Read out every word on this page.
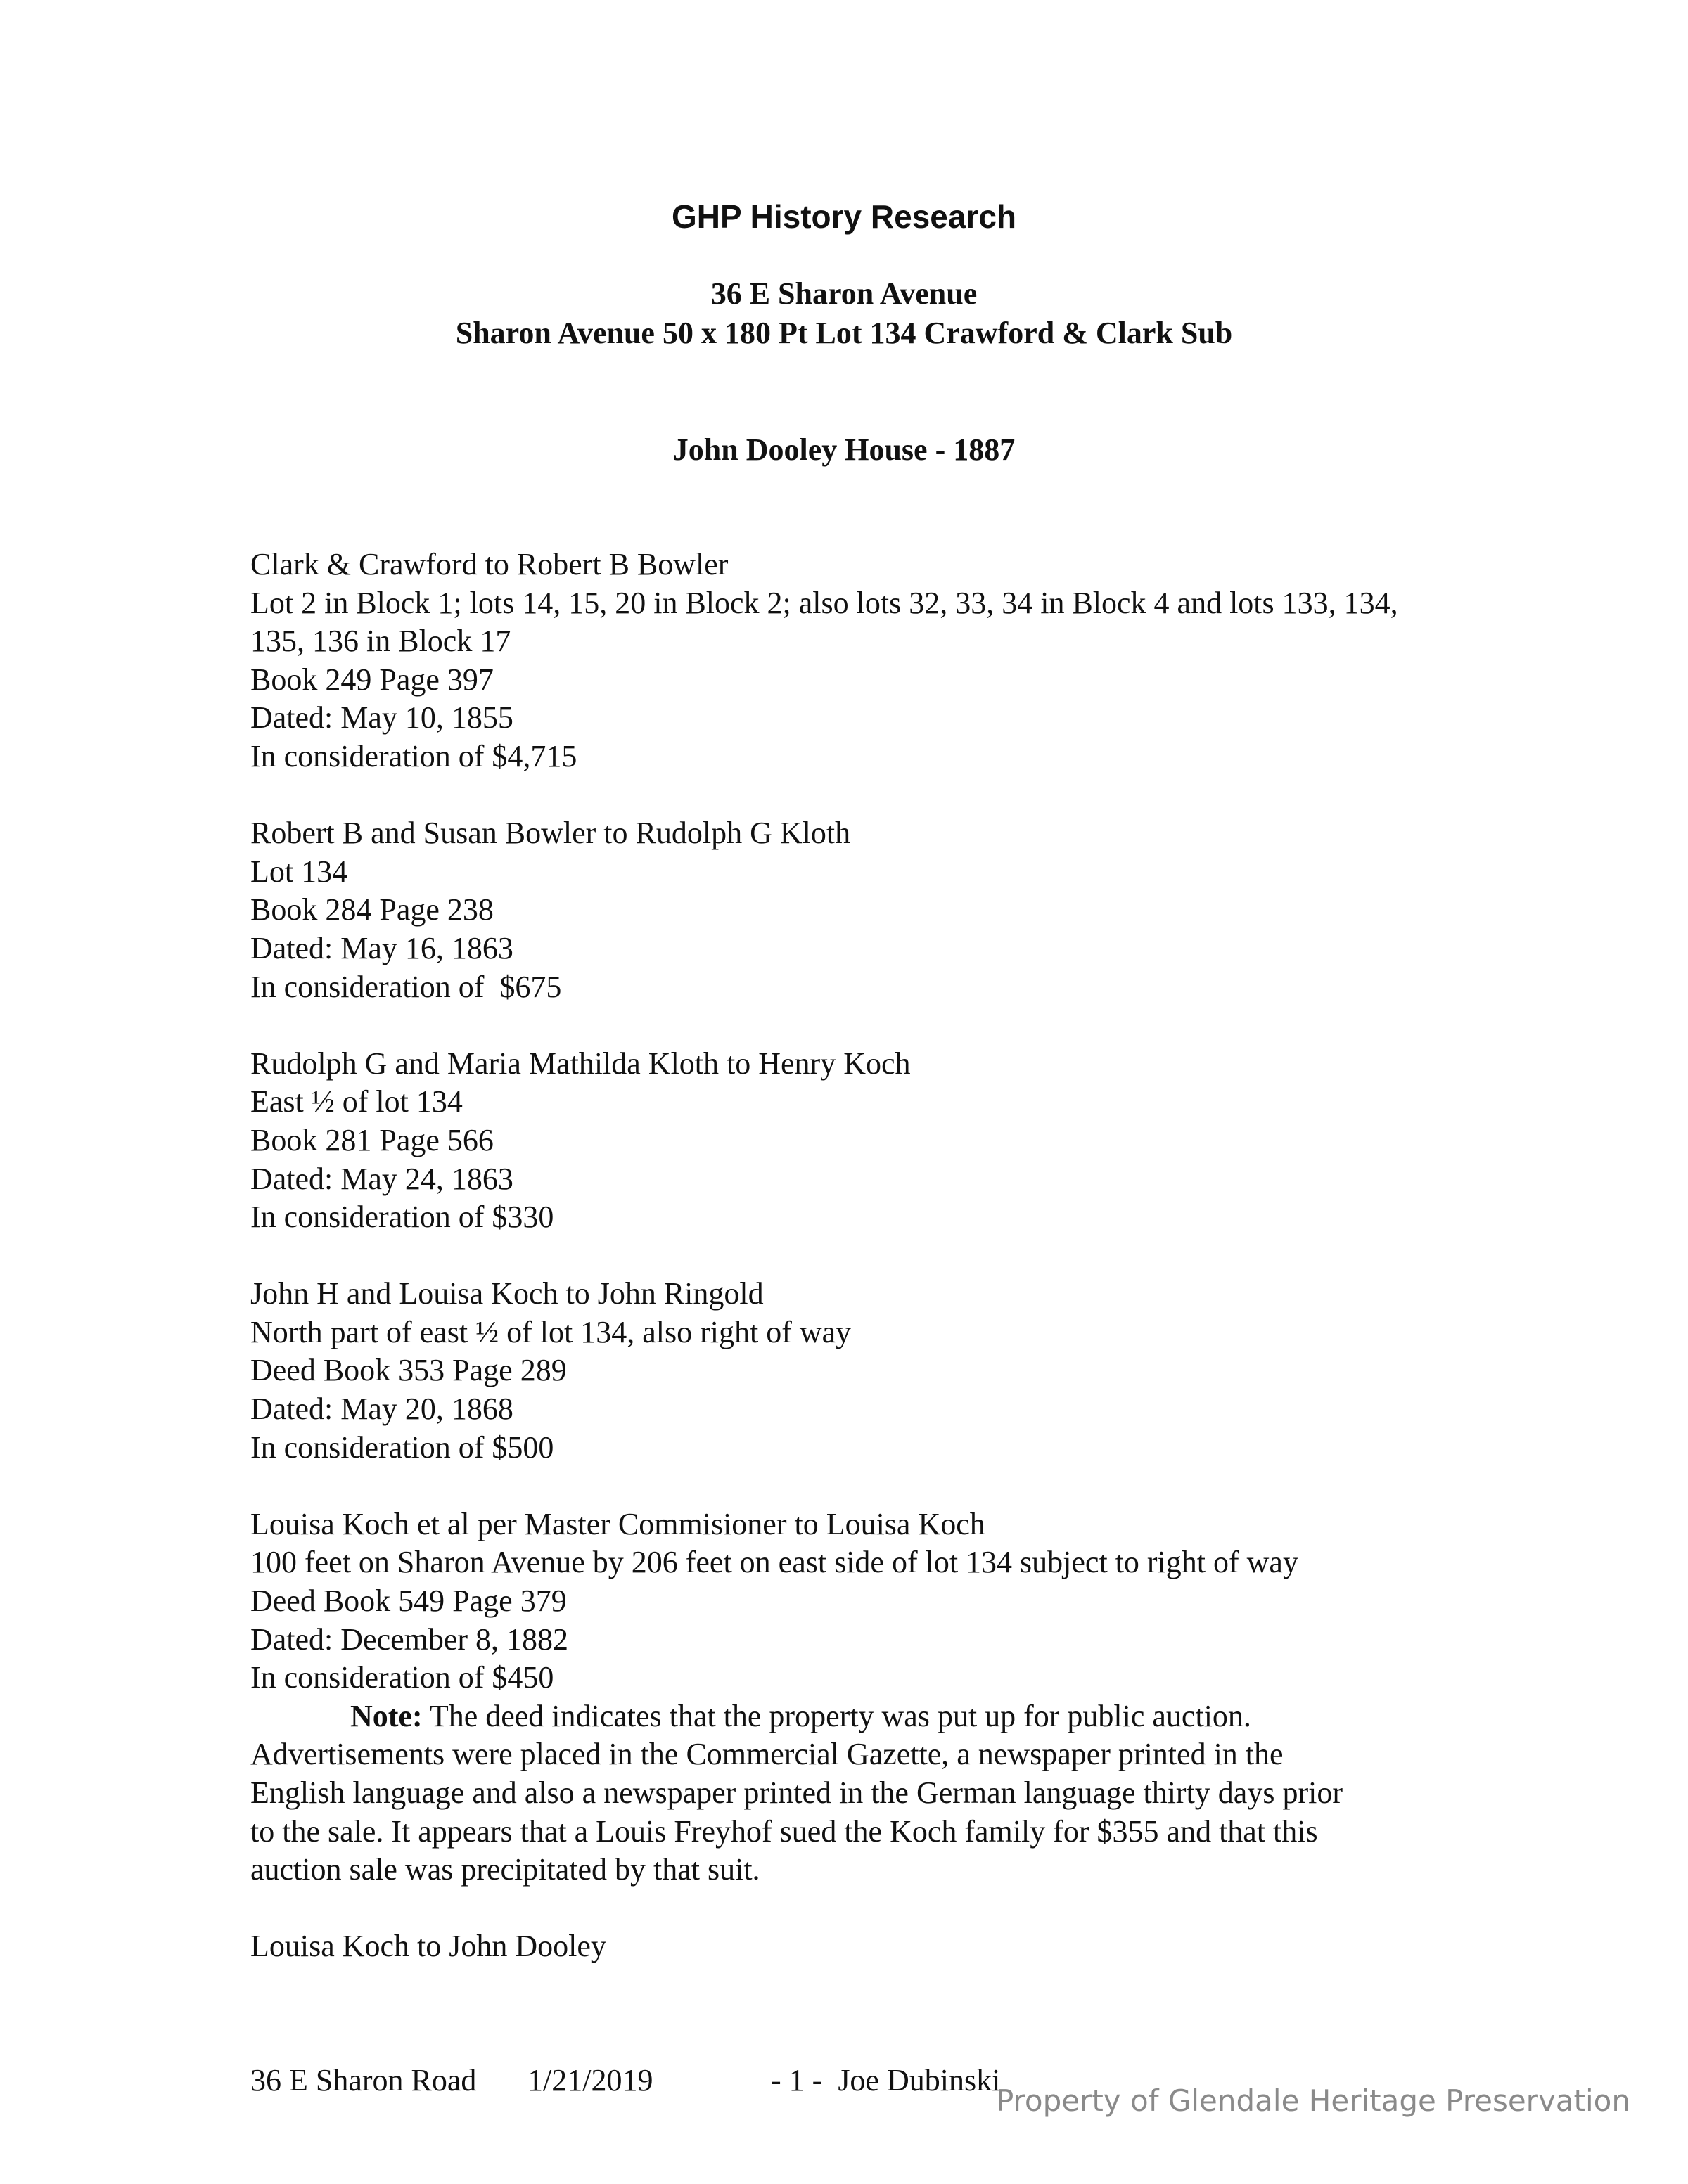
GHP History Research

36 E Sharon Avenue

Sharon Avenue 50 x 180 Pt Lot 134 Crawford & Clark Sub

John Dooley House - 1887
Clark & Crawford to Robert B Bowler
Lot 2 in Block 1; lots 14, 15, 20 in Block 2; also lots 32, 33, 34 in Block 4 and lots 133, 134, 135, 136 in Block 17
Book 249 Page 397
Dated: May 10, 1855
In consideration of $4,715
Robert B and Susan Bowler to Rudolph G Kloth
Lot 134
Book 284 Page 238
Dated: May 16, 1863
In consideration of  $675
Rudolph G and Maria Mathilda Kloth to Henry Koch
East ½ of lot 134
Book 281 Page 566
Dated: May 24, 1863
In consideration of $330
John H and Louisa Koch to John Ringold
North part of east ½ of lot 134, also right of way
Deed Book 353 Page 289
Dated: May 20, 1868
In consideration of $500
Louisa Koch et al per Master Commisioner to Louisa Koch
100 feet on Sharon Avenue by 206 feet on east side of lot 134 subject to right of way
Deed Book 549 Page 379
Dated: December 8, 1882
In consideration of $450
Note: The deed indicates that the property was put up for public auction.
Advertisements were placed in the Commercial Gazette, a newspaper printed in the
English language and also a newspaper printed in the German language thirty days prior
to the sale. It appears that a Louis Freyhof sued the Koch family for $355 and that this
auction sale was precipitated by that suit.
Louisa Koch to John Dooley
36 E Sharon Road 1/21/2019	- 1 - Joe Dubinski
Property of Glendale Heritage Preservation
